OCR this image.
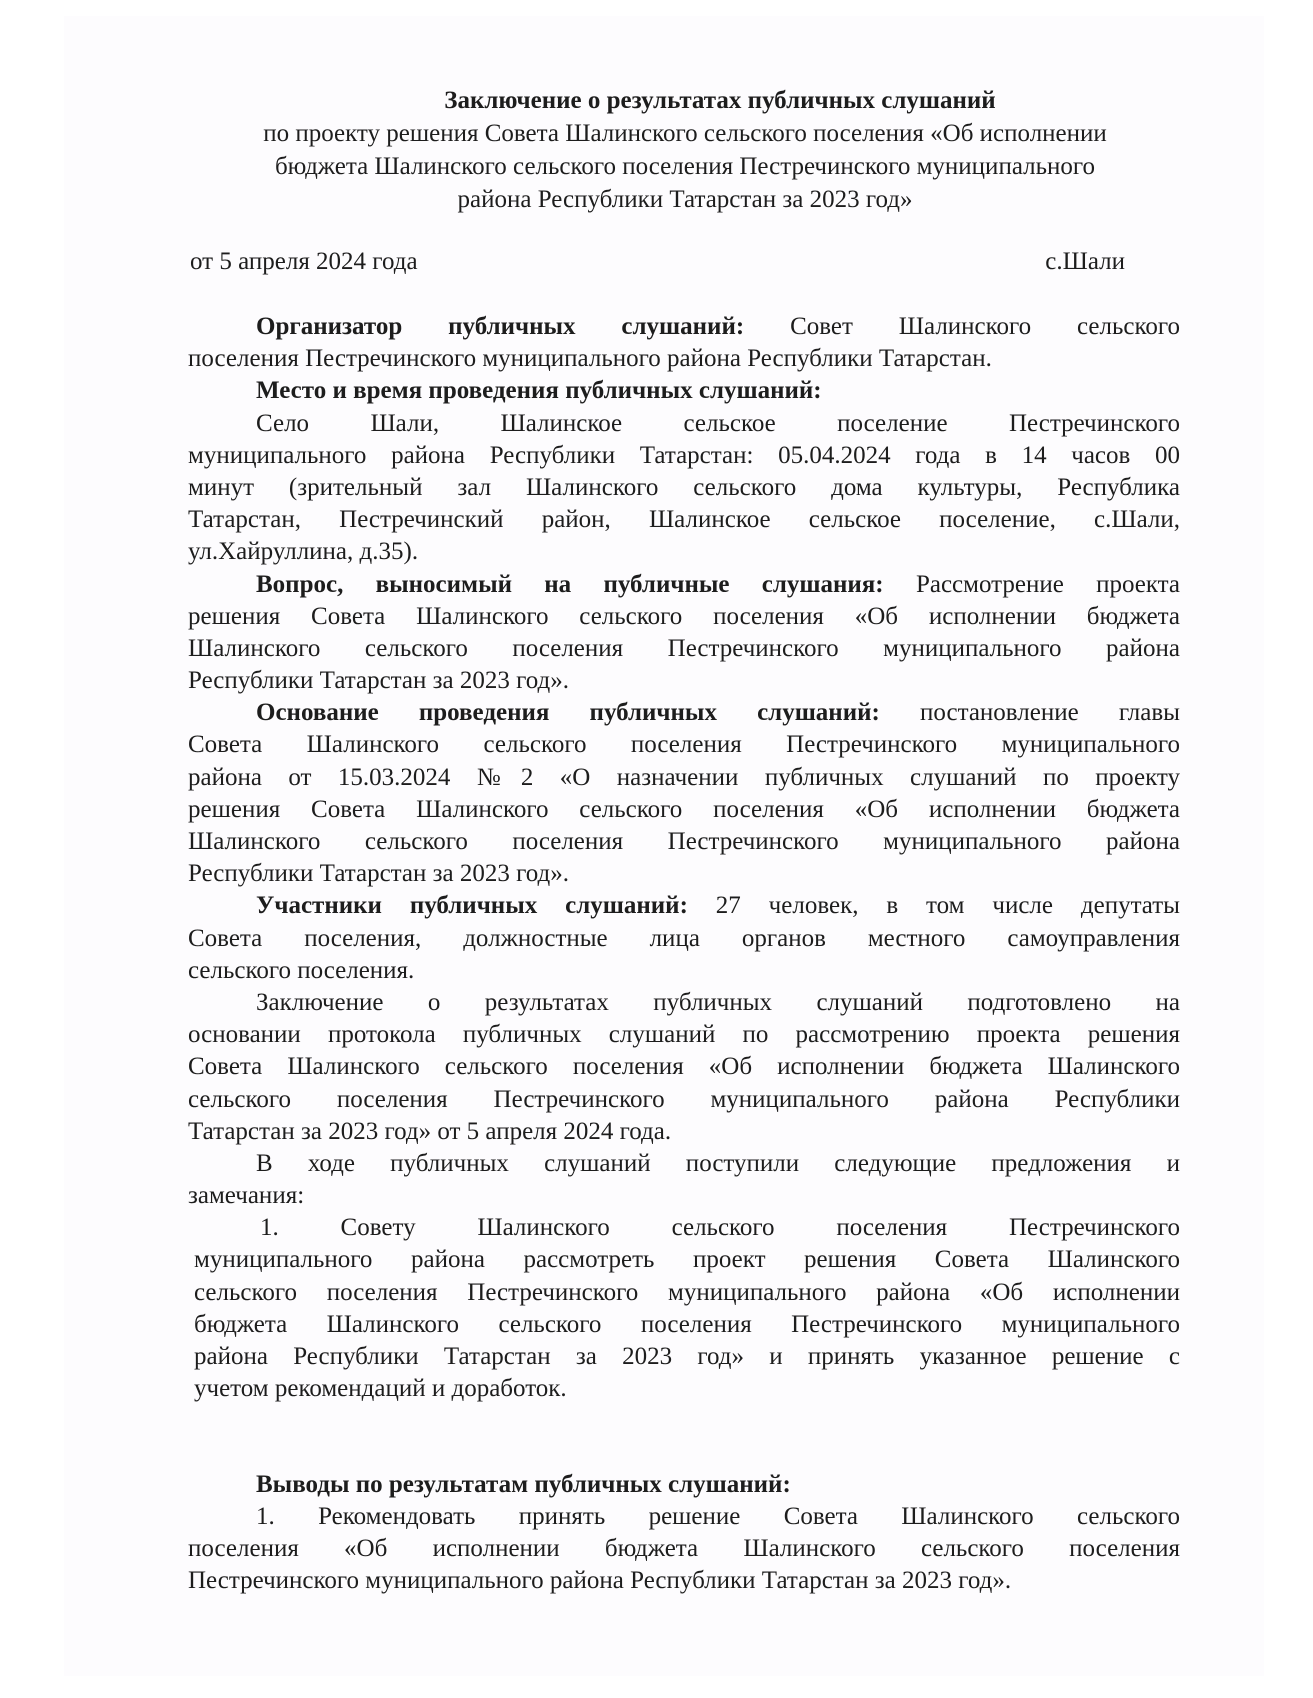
Заключение о результатах публичных слушаний
по проекту решения Совета Шалинского сельского поселения «Об исполнении
бюджета Шалинского сельского поселения Пестречинского муниципального
района Республики Татарстан за 2023 год»
от 5 апреля 2024 года	с.Шали
Организатор публичных слушаний: Совет Шалинского сельского
поселения Пестречинского муниципального района Республики Татарстан.
Место и время проведения публичных слушаний:
Село Шали, Шалинское сельское поселение Пестречинского
муниципального района Республики Татарстан: 05.04.2024 года в 14 часов 00
минут (зрительный зал Шалинского сельского дома культуры, Республика
Татарстан, Пестречинский район, Шалинское сельское поселение, с.Шали,
ул.Хайруллина, д.35).
Вопрос, выносимый на публичные слушания: Рассмотрение проекта
решения Совета Шалинского сельского поселения «Об исполнении бюджета
Шалинского сельского поселения Пестречинского муниципального района
Республики Татарстан за 2023 год».
Основание проведения публичных слушаний: постановление главы
Совета Шалинского сельского поселения Пестречинского муниципального
района от 15.03.2024 №2 «О назначении публичных слушаний по проекту
решения Совета Шалинского сельского поселения «Об исполнении бюджета
Шалинского сельского поселения Пестречинского муниципального района
Республики Татарстан за 2023 год».
Участники публичных слушаний: 27 человек, в том числе депутаты
Совета поселения, должностные лица органов местного самоуправления
сельского поселения.
Заключение о результатах публичных слушаний подготовлено на
основании протокола публичных слушаний по рассмотрению проекта решения
Совета Шалинского сельского поселения «Об исполнении бюджета Шалинского
сельского поселения Пестречинского муниципального района Республики
Татарстан за 2023 год» от 5 апреля 2024 года.
В ходе публичных слушаний поступили следующие предложения и
замечания:
1. Совету Шалинского сельского поселения Пестречинского
муниципального района рассмотреть проект решения Совета Шалинского
сельского поселения Пестречинского муниципального района «Об исполнении
бюджета Шалинского сельского поселения Пестречинского муниципального
района Республики Татарстан за 2023 год» и принять указанное решение с
учетом рекомендаций и доработок.
Выводы по результатам публичных слушаний:
1. Рекомендовать принять решение Совета Шалинского сельского
поселения «Об исполнении бюджета Шалинского сельского поселения
Пестречинского муниципального района Республики Татарстан за 2023 год».
